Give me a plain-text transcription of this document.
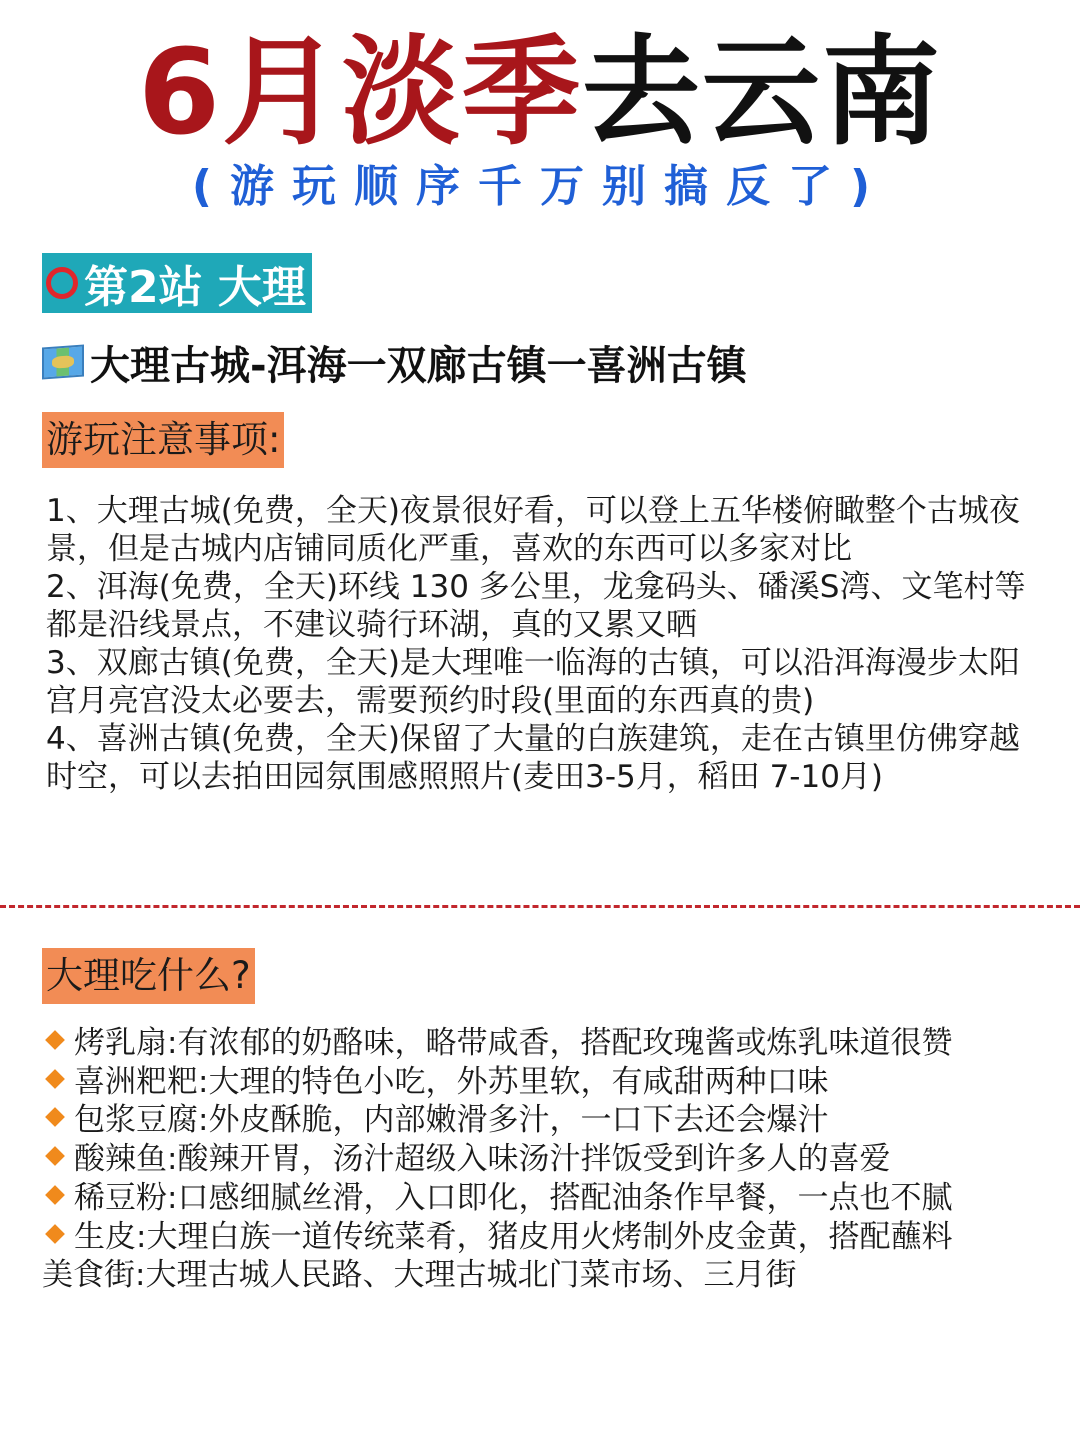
6月淡季去云南
(游玩顺序千万别搞反了)
第2站 大理
大理古城-洱海一双廊古镇一喜洲古镇
游玩注意事项:

1、大理古城(免费，全天)夜景很好看，可以登上五华楼俯瞰整个古城夜景，但是古城内店铺同质化严重，喜欢的东西可以多家对比

2、洱海(免费，全天)环线 130 多公里，龙龛码头、磻溪S湾、文笔村等都是沿线景点，不建议骑行环湖，真的又累又晒

3、双廊古镇(免费，全天)是大理唯一临海的古镇，可以沿洱海漫步太阳宫月亮宫没太必要去，需要预约时段(里面的东西真的贵)

4、喜洲古镇(免费，全天)保留了大量的白族建筑，走在古镇里仿佛穿越时空，可以去拍田园氛围感照照片(麦田3-5月，稻田 7-10月)

大理吃什么?

烤乳扇:有浓郁的奶酪味，略带咸香，搭配玫瑰酱或炼乳味道很赞

喜洲粑粑:大理的特色小吃，外苏里软，有咸甜两种口味

包浆豆腐:外皮酥脆，内部嫩滑多汁，一口下去还会爆汁

酸辣鱼:酸辣开胃，汤汁超级入味汤汁拌饭受到许多人的喜爱

稀豆粉:口感细腻丝滑，入口即化，搭配油条作早餐，一点也不腻

生皮:大理白族一道传统菜肴，猪皮用火烤制外皮金黄，搭配蘸料

美食街:大理古城人民路、大理古城北门菜市场、三月街
